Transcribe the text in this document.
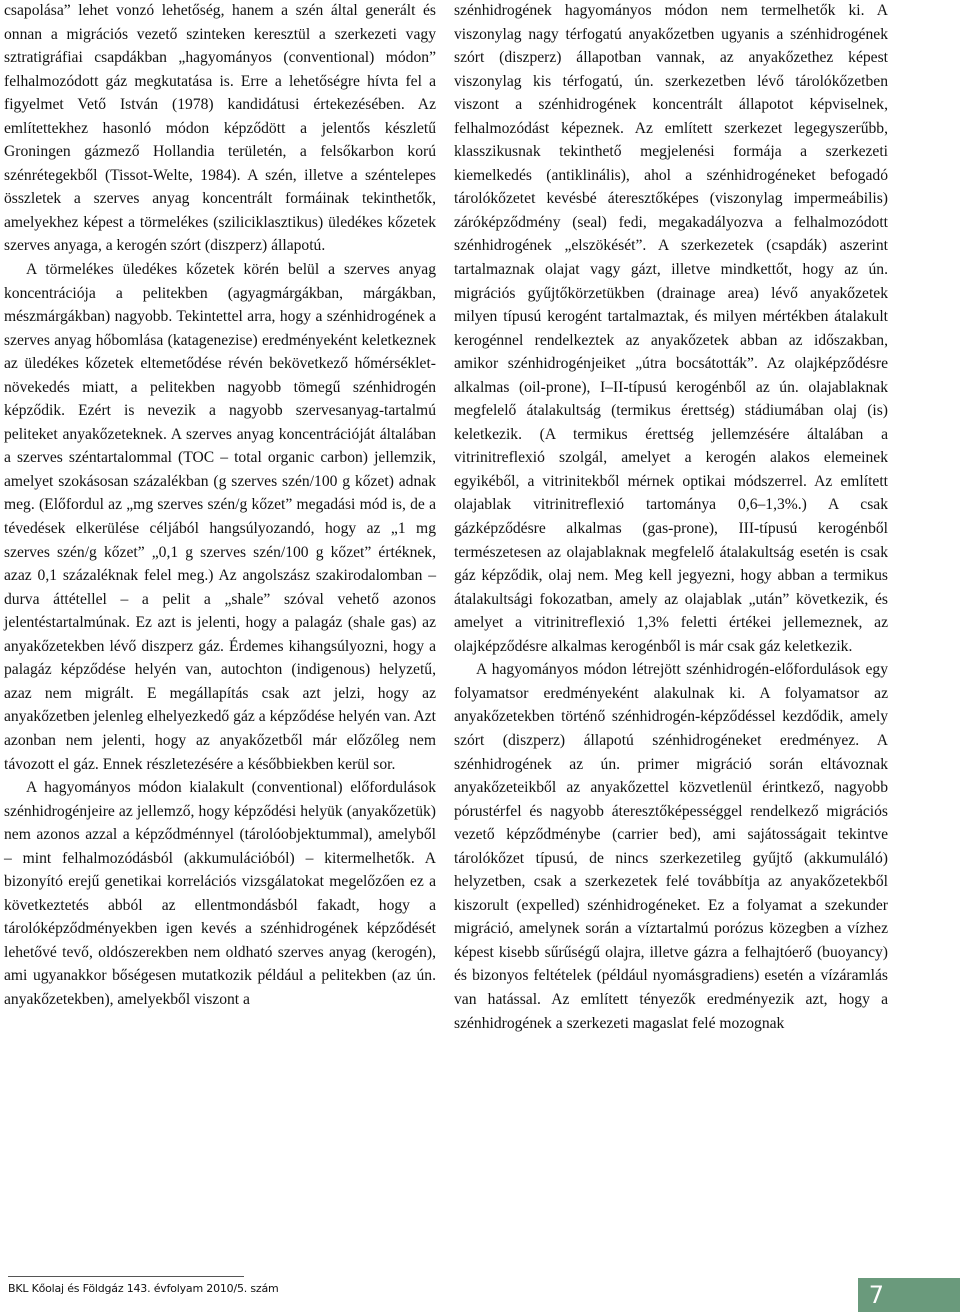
csapolása” lehet vonzó lehetőség, hanem a szén által generált és onnan a migrációs vezető szinteken keresztül a szerkezeti vagy sztratigráfiai csapdákban „hagyományos (conventional) módon” felhalmozódott gáz megkutatása is. Erre a lehetőségre hívta fel a figyelmet Vető István (1978) kandidátusi értekezésében. Az említettekhez hasonló módon képződött a jelentős készletű Groningen gázmező Hollandia területén, a felsőkarbon korú szénrétegekből (Tissot-Welte, 1984). A szén, illetve a széntelepes összletek a szerves anyag koncentrált formáinak tekinthetők, amelyekhez képest a törmelékes (sziliciklasztikus) üledékes kőzetek szerves anyaga, a kerogén szórt (diszperz) állapotú.

A törmelékes üledékes kőzetek körén belül a szerves anyag koncentrációja a pelitekben (agyagmárgákban, márgákban, mészmárgákban) nagyobb. Tekintettel arra, hogy a szénhidrogének a szerves anyag hőbomlása (katagenezise) eredményeként keletkeznek az üledékes kőzetek eltemetődése révén bekövetkező hőmérséklet-növekedés miatt, a pelitekben nagyobb tömegű szénhidrogén képződik. Ezért is nevezik a nagyobb szervesanyag-tartalmú peliteket anyakőzeteknek. A szerves anyag koncentrációját általában a szerves széntartalommal (TOC – total organic carbon) jellemzik, amelyet szokásosan százalékban (g szerves szén/100 g kőzet) adnak meg. (Előfordul az „mg szerves szén/g kőzet” megadási mód is, de a tévedések elkerülése céljából hangsúlyozandó, hogy az „1 mg szerves szén/g kőzet” „0,1 g szerves szén/100 g kőzet” értéknek, azaz 0,1 százaléknak felel meg.) Az angolszász szakirodalomban – durva áttétellel – a pelit a „shale” szóval vehető azonos jelentéstartalmúnak. Ez azt is jelenti, hogy a palagáz (shale gas) az anyakőzetekben lévő diszperz gáz. Érdemes kihangsúlyozni, hogy a palagáz képződése helyén van, autochton (indigenous) helyzetű, azaz nem migrált. E megállapítás csak azt jelzi, hogy az anyakőzetben jelenleg elhelyezkedő gáz a képződése helyén van. Azt azonban nem jelenti, hogy az anyakőzetből már előzőleg nem távozott el gáz. Ennek részletezésére a későbbiekben kerül sor.

A hagyományos módon kialakult (conventional) előfordulások szénhidrogénjeire az jellemző, hogy képződési helyük (anyakőzetük) nem azonos azzal a képződménnyel (tárolóobjektummal), amelyből – mint felhalmozódásból (akkumulációból) – kitermelhetők. A bizonyító erejű genetikai korrelációs vizsgálatokat megelőzően ez a következtetés abból az ellentmondásból fakadt, hogy a tárolóképződményekben igen kevés a szénhidrogének képződését lehetővé tevő, oldószerekben nem oldható szerves anyag (kerogén), ami ugyanakkor bőségesen mutatkozik például a pelitekben (az ún. anyakőzetekben), amelyekből viszont a

szénhidrogének hagyományos módon nem termelhetők ki. A viszonylag nagy térfogatú anyakőzetben ugyanis a szénhidrogének szórt (diszperz) állapotban vannak, az anyakőzethez képest viszonylag kis térfogatú, ún. szerkezetben lévő tárolókőzetben viszont a szénhidrogének koncentrált állapotot képviselnek, felhalmozódást képeznek. Az említett szerkezet legegyszerűbb, klasszikusnak tekinthető megjelenési formája a szerkezeti kiemelkedés (antiklinális), ahol a szénhidrogéneket befogadó tárolókőzetet kevésbé áteresztőképes (viszonylag impermeábilis) záróképződmény (seal) fedi, megakadályozva a felhalmozódott szénhidrogének „elszökését”. A szerkezetek (csapdák) aszerint tartalmaznak olajat vagy gázt, illetve mindkettőt, hogy az ún. migrációs gyűjtőkörzetükben (drainage area) lévő anyakőzetek milyen típusú kerogént tartalmaztak, és milyen mértékben átalakult kerogénnel rendelkeztek az anyakőzetek abban az időszakban, amikor szénhidrogénjeiket „útra bocsátották”. Az olajképződésre alkalmas (oil-prone), I–II-típusú kerogénből az ún. olajablaknak megfelelő átalakultság (termikus érettség) stádiumában olaj (is) keletkezik. (A termikus érettség jellemzésére általában a vitrinitreflexió szolgál, amelyet a kerogén alakos elemeinek egyikéből, a vitrinitekből mérnek optikai módszerrel. Az említett olajablak vitrinitreflexió tartománya 0,6–1,3%.) A csak gázképződésre alkalmas (gas-prone), III-típusú kerogénből természetesen az olajablaknak megfelelő átalakultság esetén is csak gáz képződik, olaj nem. Meg kell jegyezni, hogy abban a termikus átalakultsági fokozatban, amely az olajablak „után” következik, és amelyet a vitrinitreflexió 1,3% feletti értékei jellemeznek, az olajképződésre alkalmas kerogénből is már csak gáz keletkezik.

A hagyományos módon létrejött szénhidrogén-előfordulások egy folyamatsor eredményeként alakulnak ki. A folyamatsor az anyakőzetekben történő szénhidrogén-képződéssel kezdődik, amely szórt (diszperz) állapotú szénhidrogéneket eredményez. A szénhidrogének az ún. primer migráció során eltávoznak anyakőzeteikből az anyakőzettel közvetlenül érintkező, nagyobb pórustérfel és nagyobb áteresztőképességgel rendelkező migrációs vezető képződménybe (carrier bed), ami sajátosságait tekintve tárolókőzet típusú, de nincs szerkezetileg gyűjtő (akkumuláló) helyzetben, csak a szerkezetek felé továbbítja az anyakőzetekből kiszorult (expelled) szénhidrogéneket. Ez a folyamat a szekunder migráció, amelynek során a víztartalmú porózus közegben a vízhez képest kisebb sűrűségű olajra, illetve gázra a felhajtóerő (buoyancy) és bizonyos feltételek (például nyomásgradiens) esetén a vízáramlás van hatással. Az említett tényezők eredményezik azt, hogy a szénhidrogének a szerkezeti magaslat felé mozognak

BKL Kőolaj és Földgáz 143. évfolyam 2010/5. szám	7
